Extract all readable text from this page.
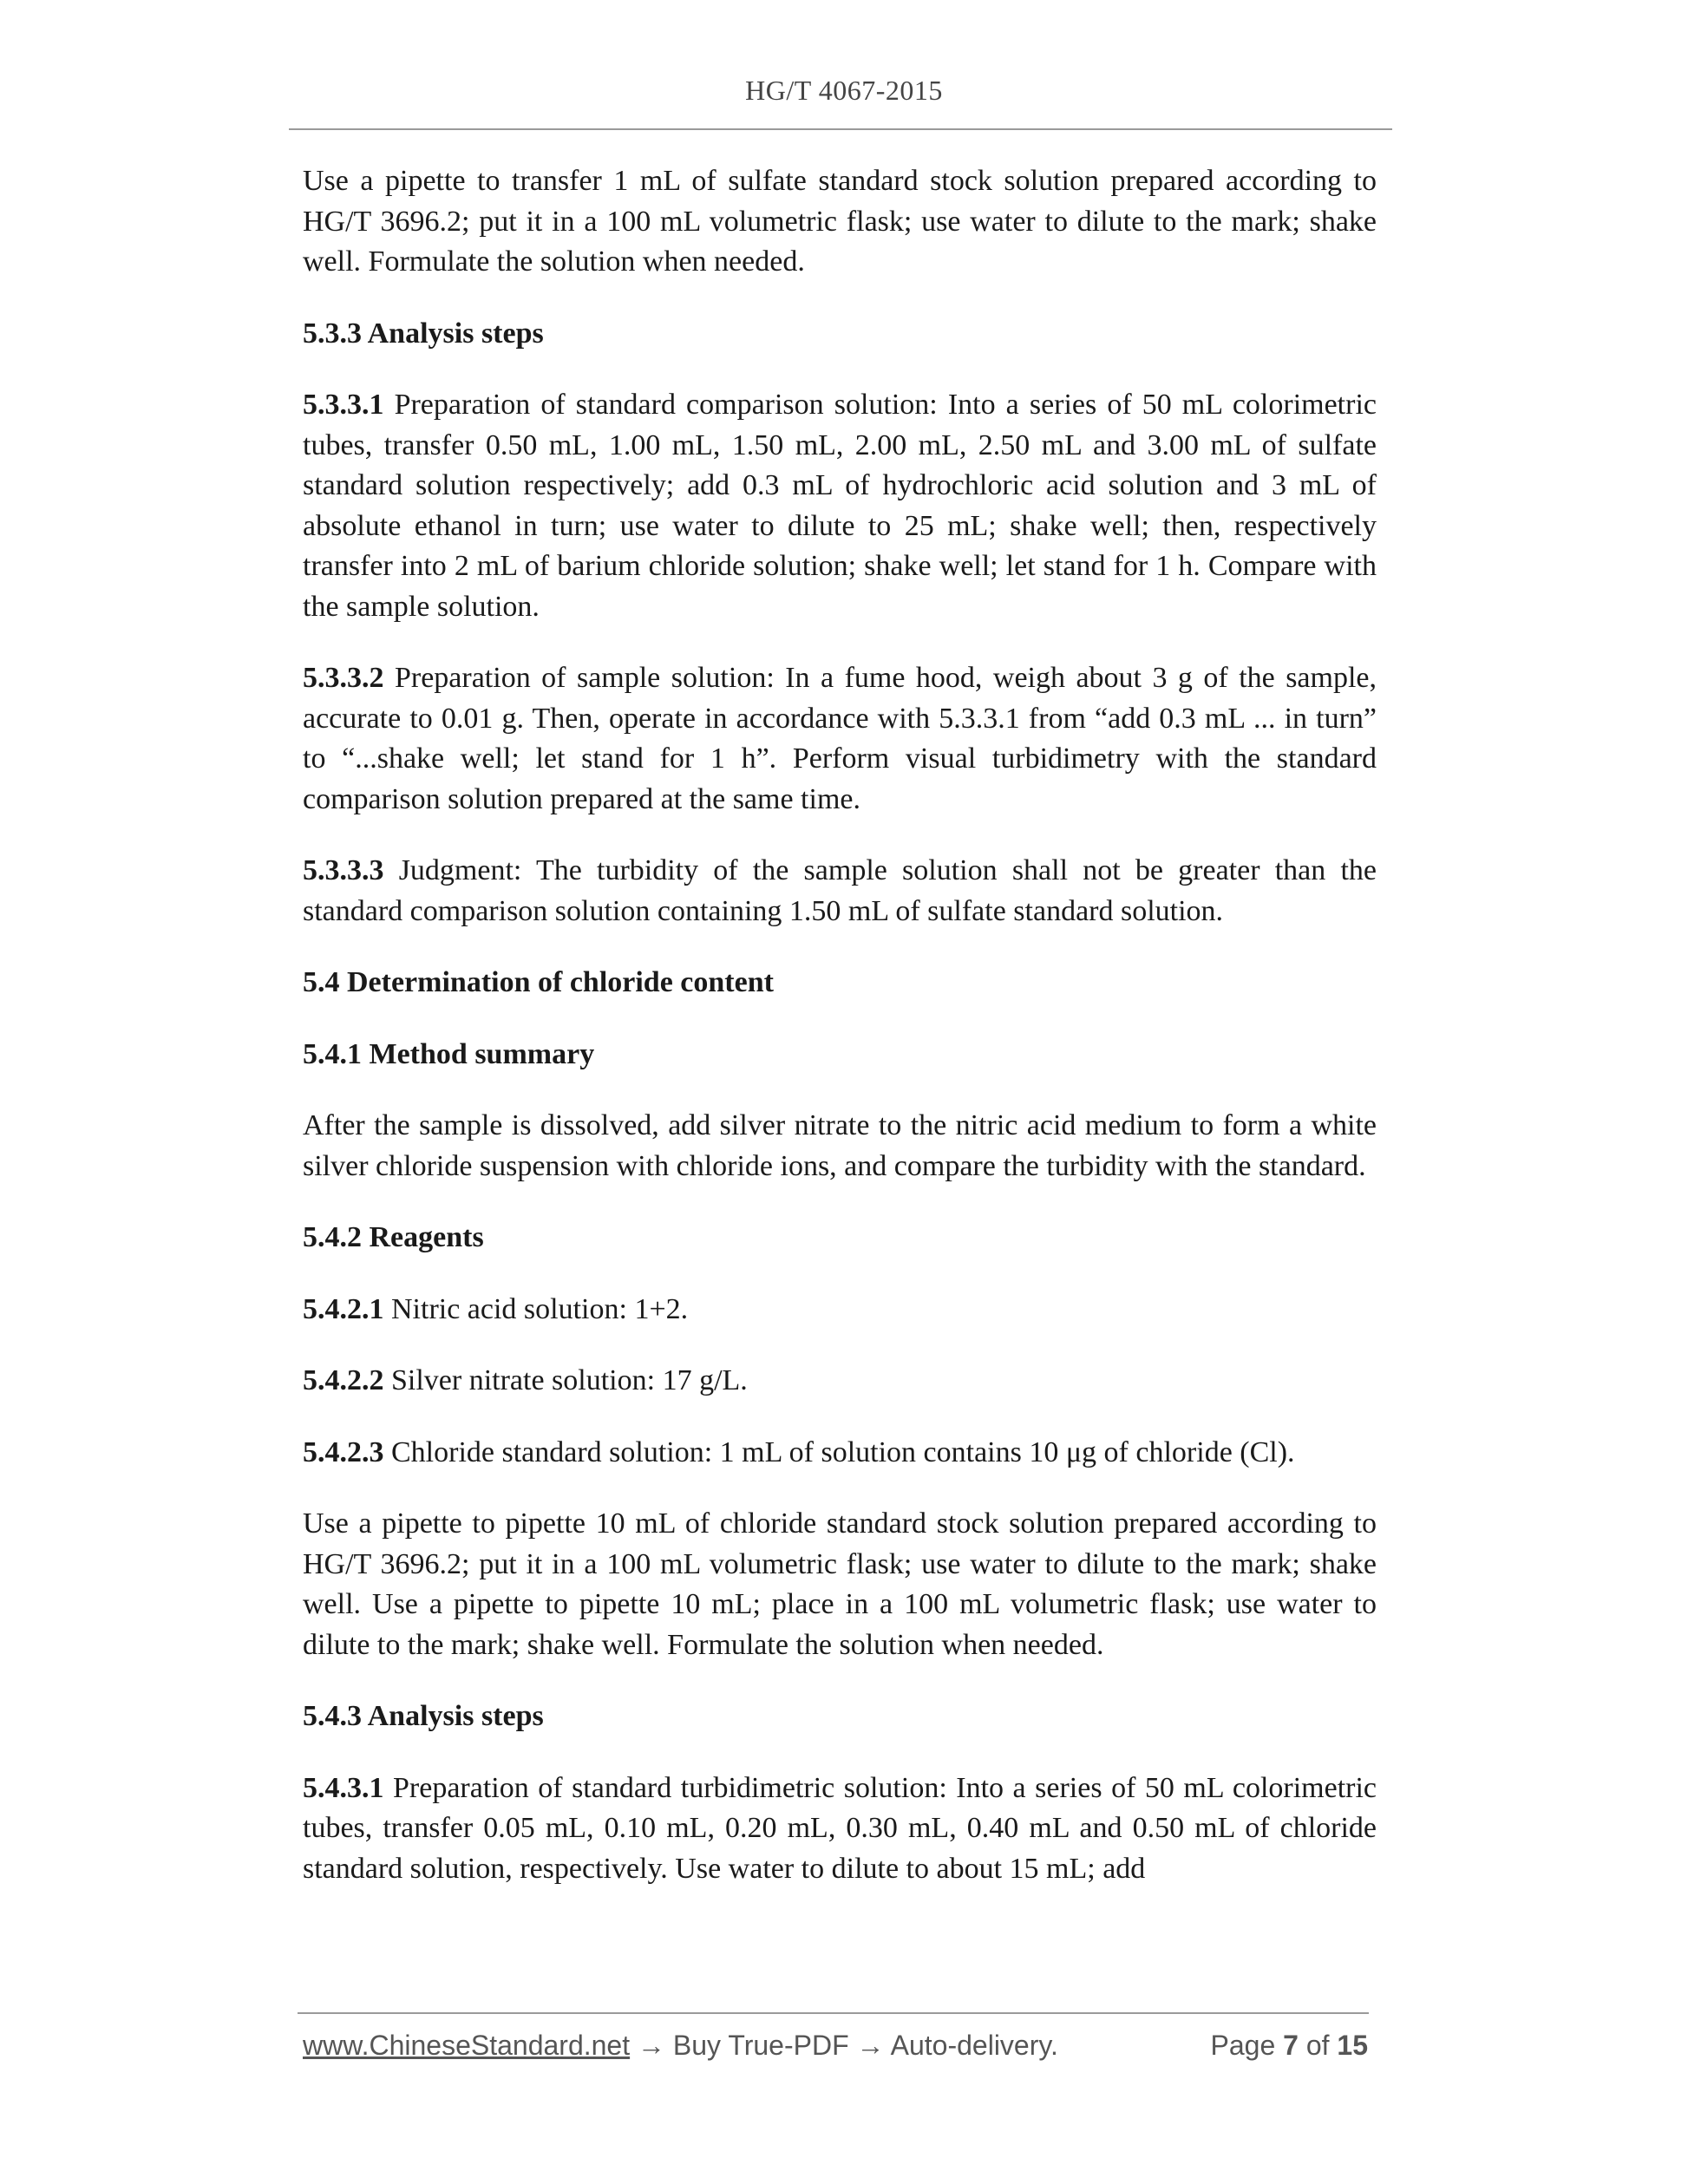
HG/T 4067-2015

Use a pipette to transfer 1 mL of sulfate standard stock solution prepared according to HG/T 3696.2; put it in a 100 mL volumetric flask; use water to dilute to the mark; shake well. Formulate the solution when needed.

5.3.3 Analysis steps

5.3.3.1 Preparation of standard comparison solution: Into a series of 50 mL colorimetric tubes, transfer 0.50 mL, 1.00 mL, 1.50 mL, 2.00 mL, 2.50 mL and 3.00 mL of sulfate standard solution respectively; add 0.3 mL of hydrochloric acid solution and 3 mL of absolute ethanol in turn; use water to dilute to 25 mL; shake well; then, respectively transfer into 2 mL of barium chloride solution; shake well; let stand for 1 h. Compare with the sample solution.

5.3.3.2 Preparation of sample solution: In a fume hood, weigh about 3 g of the sample, accurate to 0.01 g. Then, operate in accordance with 5.3.3.1 from “add 0.3 mL ... in turn” to “...shake well; let stand for 1 h”. Perform visual turbidimetry with the standard comparison solution prepared at the same time.

5.3.3.3 Judgment: The turbidity of the sample solution shall not be greater than the standard comparison solution containing 1.50 mL of sulfate standard solution.

5.4 Determination of chloride content
5.4.1 Method summary

After the sample is dissolved, add silver nitrate to the nitric acid medium to form a white silver chloride suspension with chloride ions, and compare the turbidity with the standard.

5.4.2 Reagents

5.4.2.1 Nitric acid solution: 1+2.

5.4.2.2 Silver nitrate solution: 17 g/L.

5.4.2.3 Chloride standard solution: 1 mL of solution contains 10 μg of chloride (Cl).

Use a pipette to pipette 10 mL of chloride standard stock solution prepared according to HG/T 3696.2; put it in a 100 mL volumetric flask; use water to dilute to the mark; shake well. Use a pipette to pipette 10 mL; place in a 100 mL volumetric flask; use water to dilute to the mark; shake well. Formulate the solution when needed.

5.4.3 Analysis steps

5.4.3.1 Preparation of standard turbidimetric solution: Into a series of 50 mL colorimetric tubes, transfer 0.05 mL, 0.10 mL, 0.20 mL, 0.30 mL, 0.40 mL and 0.50 mL of chloride standard solution, respectively. Use water to dilute to about 15 mL; add

www.ChineseStandard.net → Buy True-PDF → Auto-delivery.	Page 7 of 15
